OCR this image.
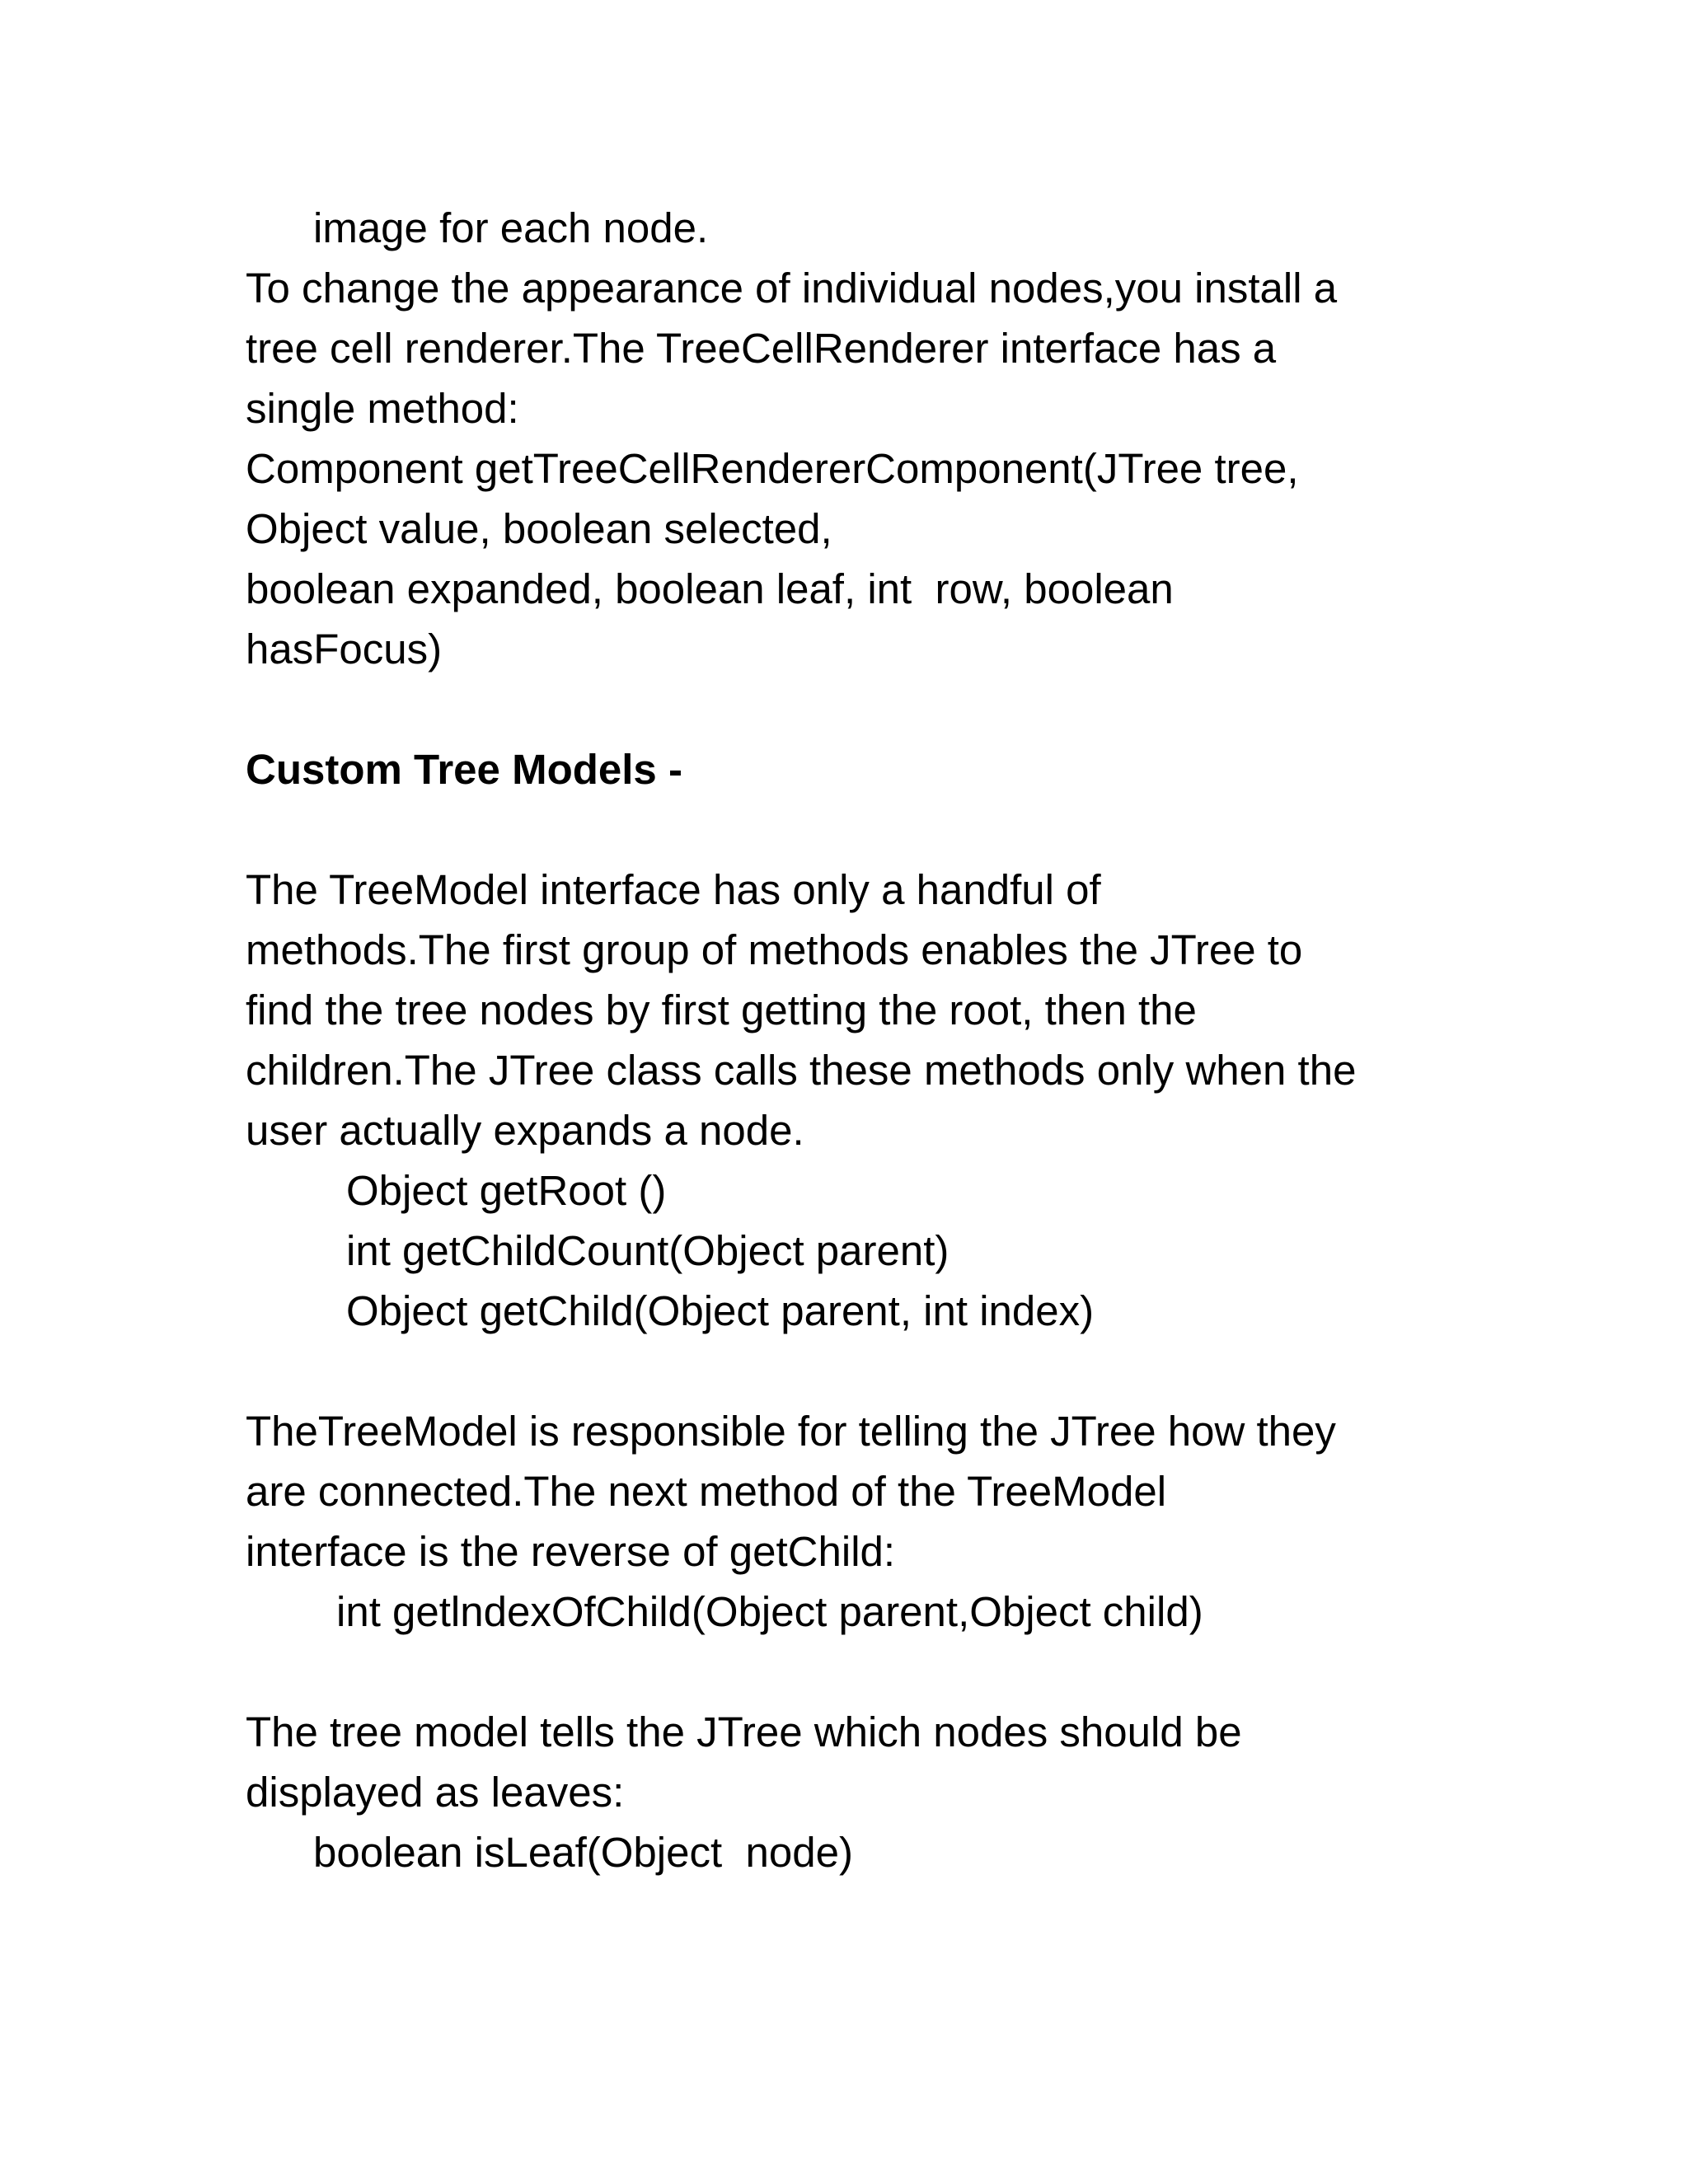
image for each node.
To change the appearance of individual nodes,you install a
tree cell renderer.The TreeCellRenderer interface has a
single method:
Component getTreeCellRendererComponent(JTree tree,
Object value, boolean selected,
boolean expanded, boolean leaf, int  row, boolean
hasFocus)
Custom Tree Models -
The TreeModel interface has only a handful of
methods.The first group of methods enables the JTree to
find the tree nodes by first getting the root, then the
children.The JTree class calls these methods only when the
user actually expands a node.
Object getRoot ()
int getChildCount(Object parent)
Object getChild(Object parent, int index)
TheTreeModel is responsible for telling the JTree how they
are connected.The next method of the TreeModel
interface is the reverse of getChild:
int getlndexOfChild(Object parent,Object child)
The tree model tells the JTree which nodes should be
displayed as leaves:
boolean isLeaf(Object  node)
